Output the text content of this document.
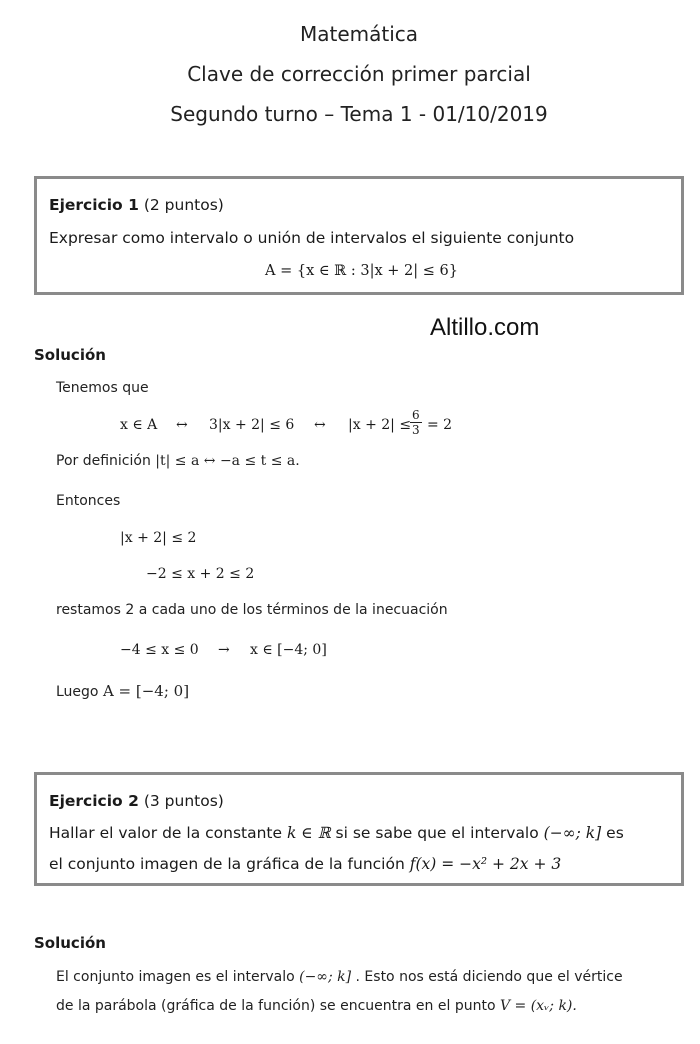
Matemática
Clave de corrección primer parcial
Segundo turno – Tema 1 - 01/10/2019
Ejercicio 1 (2 puntos)
Expresar como intervalo o unión de intervalos el siguiente conjunto
A = {x ∈ ℝ : 3|x + 2| ≤ 6}
Altillo.com
Solución
Tenemos que
x ∈ A ↔ 3|x + 2| ≤ 6 ↔ |x + 2| ≤
$\frac{6}{3} = 2$
Por definición |t| ≤ a ↔ −a ≤ t ≤ a.
Entonces
|x + 2| ≤ 2
−2 ≤ x + 2 ≤ 2
restamos 2 a cada uno de los términos de la inecuación
−4 ≤ x ≤ 0 → x ∈ [−4; 0]
Luego A = [−4; 0]
Ejercicio 2 (3 puntos)
Hallar el valor de la constante k ∈ ℝ si se sabe que el intervalo (−∞; k] es
el conjunto imagen de la gráfica de la función f(x) = −x² + 2x + 3
Solución
El conjunto imagen es el intervalo (−∞; k] . Esto nos está diciendo que el vértice
de la parábola (gráfica de la función) se encuentra en el punto V = (xᵥ; k).
